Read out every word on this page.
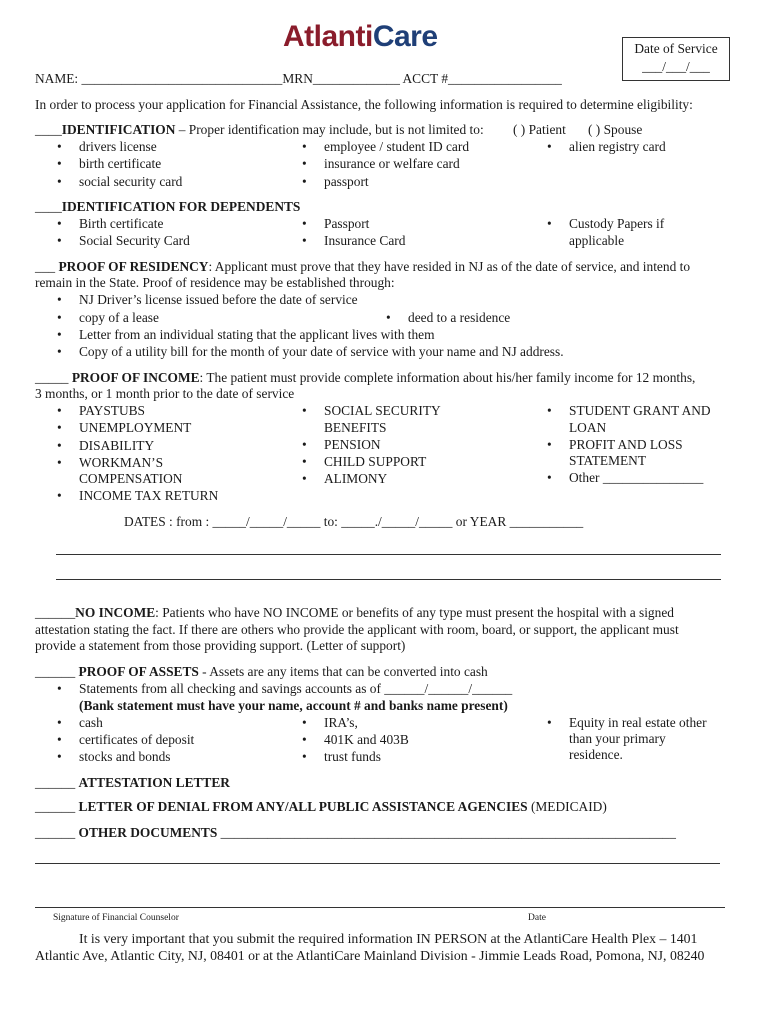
AtlantiCare	Date of Service
___/___/___
NAME: ______________________________MRN_____________ ACCT #_________________
In order to process your application for Financial Assistance, the following information is required to determine eligibility:
____IDENTIFICATION – Proper identification may include, but is not limited to: ( ) Patient ( ) Spouse
• drivers license
• birth certificate
• social security card
• employee / student ID card
• insurance or welfare card
• passport
• alien registry card
____IDENTIFICATION FOR DEPENDENTS
• Birth certificate
• Social Security Card
• Passport
• Insurance Card
• Custody Papers if
applicable
___ PROOF OF RESIDENCY: Applicant must prove that they have resided in NJ as of the date of service, and intend to
remain in the State. Proof of residence may be established through:
• NJ Driver’s license issued before the date of service
• copy of a lease	• deed to a residence
• Letter from an individual stating that the applicant lives with them
• Copy of a utility bill for the month of your date of service with your name and NJ address.
_____ PROOF OF INCOME: The patient must provide complete information about his/her family income for 12 months,
3 months, or 1 month prior to the date of service
• PAYSTUBS
• UNEMPLOYMENT
• DISABILITY
• WORKMAN’S
COMPENSATION
• INCOME TAX RETURN
• SOCIAL SECURITY
BENEFITS
• PENSION
• CHILD SUPPORT
• ALIMONY
• STUDENT GRANT AND
LOAN
• PROFIT AND LOSS
STATEMENT
• Other _______________
DATES : from : _____/_____/_____ to: _____./_____/_____ or YEAR ___________
______NO INCOME: Patients who have NO INCOME or benefits of any type must present the hospital with a signed
attestation stating the fact. If there are others who provide the applicant with room, board, or support, the applicant must
provide a statement from those providing support. (Letter of support)
______ PROOF OF ASSETS - Assets are any items that can be converted into cash
• Statements from all checking and savings accounts as of ______/______/______
(Bank statement must have your name, account # and banks name present)
• cash
• certificates of deposit
• stocks and bonds
• IRA’s,
• 401K and 403B
• trust funds
• Equity in real estate other
than your primary
residence.
______ ATTESTATION LETTER
______ LETTER OF DENIAL FROM ANY/ALL PUBLIC ASSISTANCE AGENCIES (MEDICAID)
______ OTHER DOCUMENTS ____________________________________________________________________
Signature of Financial Counselor	Date
It is very important that you submit the required information IN PERSON at the AtlantiCare Health Plex – 1401
Atlantic Ave, Atlantic City, NJ, 08401 or at the AtlantiCare Mainland Division - Jimmie Leads Road, Pomona, NJ, 08240
